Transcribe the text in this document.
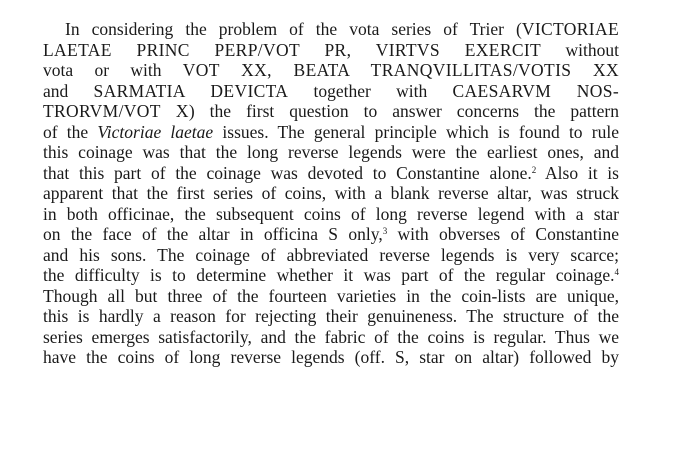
In considering the problem of the vota series of Trier (VICTORIAE
LAETAE PRINC PERP/VOT PR, VIRTVS EXERCIT without
vota or with VOT XX, BEATA TRANQVILLITAS/VOTIS XX
and SARMATIA DEVICTA together with CAESARVM NOS-
TRORVM/VOT X) the first question to answer concerns the pattern
of the Victoriae laetae issues. The general principle which is found to rule
this coinage was that the long reverse legends were the earliest ones, and
that this part of the coinage was devoted to Constantine alone.$^2$ Also it is
apparent that the first series of coins, with a blank reverse altar, was struck
in both officinae, the subsequent coins of long reverse legend with a star
on the face of the altar in officina S only,$^3$ with obverses of Constantine
and his sons. The coinage of abbreviated reverse legends is very scarce;
the difficulty is to determine whether it was part of the regular coinage.$^4$
Though all but three of the fourteen varieties in the coin-lists are unique,
this is hardly a reason for rejecting their genuineness. The structure of the
series emerges satisfactorily, and the fabric of the coins is regular. Thus we
have the coins of long reverse legends (off. S, star on altar) followed by
